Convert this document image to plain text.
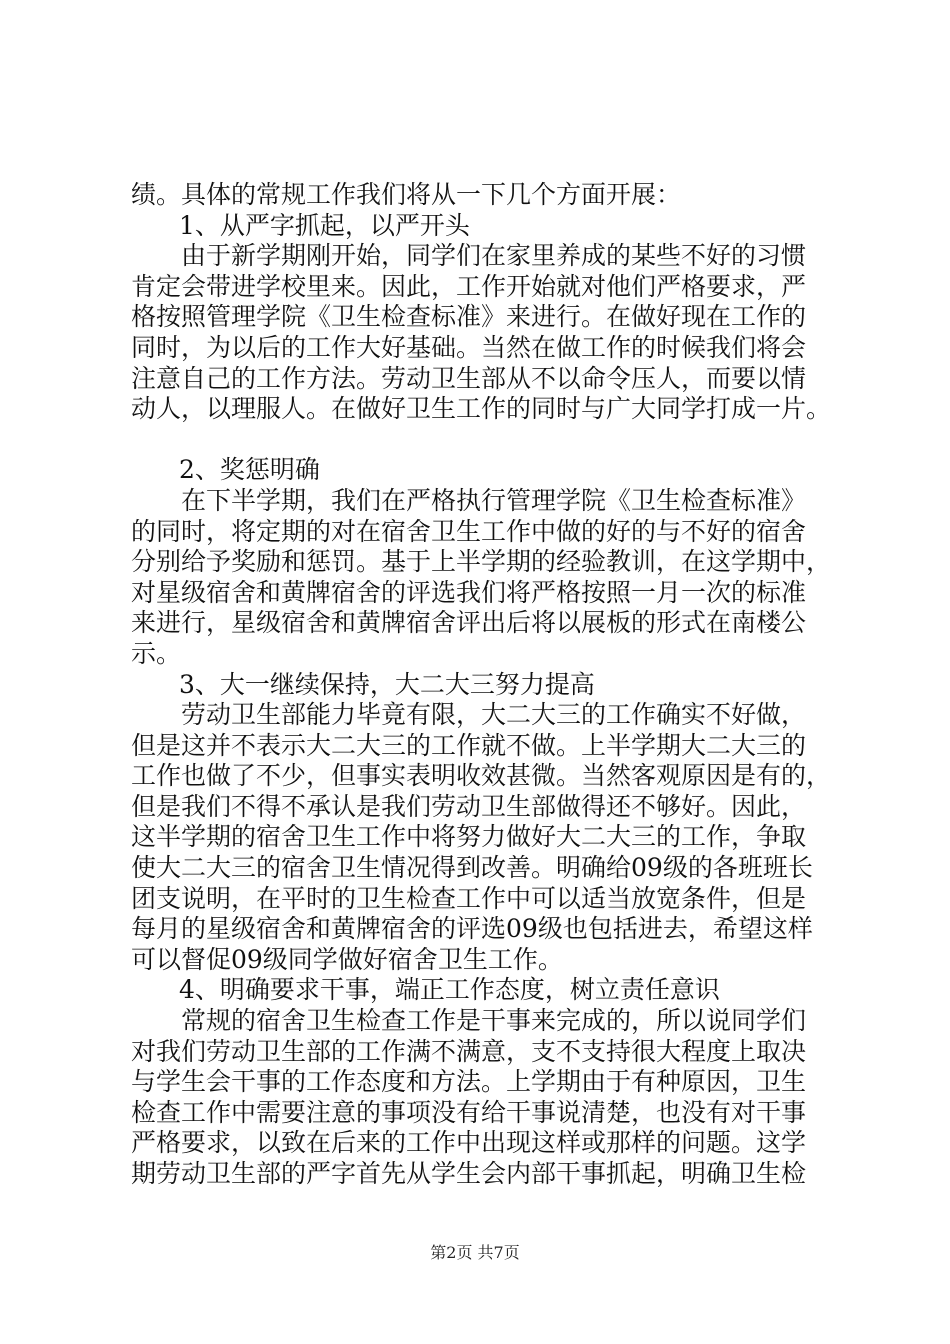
绩。具体的常规工作我们将从一下几个方面开展：
1、从严字抓起，以严开头
由于新学期刚开始，同学们在家里养成的某些不好的习惯
肯定会带进学校里来。因此，工作开始就对他们严格要求，严
格按照管理学院《卫生检查标准》来进行。在做好现在工作的
同时，为以后的工作大好基础。当然在做工作的时候我们将会
注意自己的工作方法。劳动卫生部从不以命令压人，而要以情
动人，以理服人。在做好卫生工作的同时与广大同学打成一片。
2、奖惩明确
在下半学期，我们在严格执行管理学院《卫生检查标准》
的同时，将定期的对在宿舍卫生工作中做的好的与不好的宿舍
分别给予奖励和惩罚。基于上半学期的经验教训，在这学期中，
对星级宿舍和黄牌宿舍的评选我们将严格按照一月一次的标准
来进行，星级宿舍和黄牌宿舍评出后将以展板的形式在南楼公
示。
3、大一继续保持，大二大三努力提高
劳动卫生部能力毕竟有限，大二大三的工作确实不好做，
但是这并不表示大二大三的工作就不做。上半学期大二大三的
工作也做了不少，但事实表明收效甚微。当然客观原因是有的，
但是我们不得不承认是我们劳动卫生部做得还不够好。因此，
这半学期的宿舍卫生工作中将努力做好大二大三的工作，争取
使大二大三的宿舍卫生情况得到改善。明确给09级的各班班长
团支说明，在平时的卫生检查工作中可以适当放宽条件，但是
每月的星级宿舍和黄牌宿舍的评选09级也包括进去，希望这样
可以督促09级同学做好宿舍卫生工作。
4、明确要求干事，端正工作态度，树立责任意识
常规的宿舍卫生检查工作是干事来完成的，所以说同学们
对我们劳动卫生部的工作满不满意，支不支持很大程度上取决
与学生会干事的工作态度和方法。上学期由于有种原因，卫生
检查工作中需要注意的事项没有给干事说清楚，也没有对干事
严格要求，以致在后来的工作中出现这样或那样的问题。这学
期劳动卫生部的严字首先从学生会内部干事抓起，明确卫生检
第2页 共7页
